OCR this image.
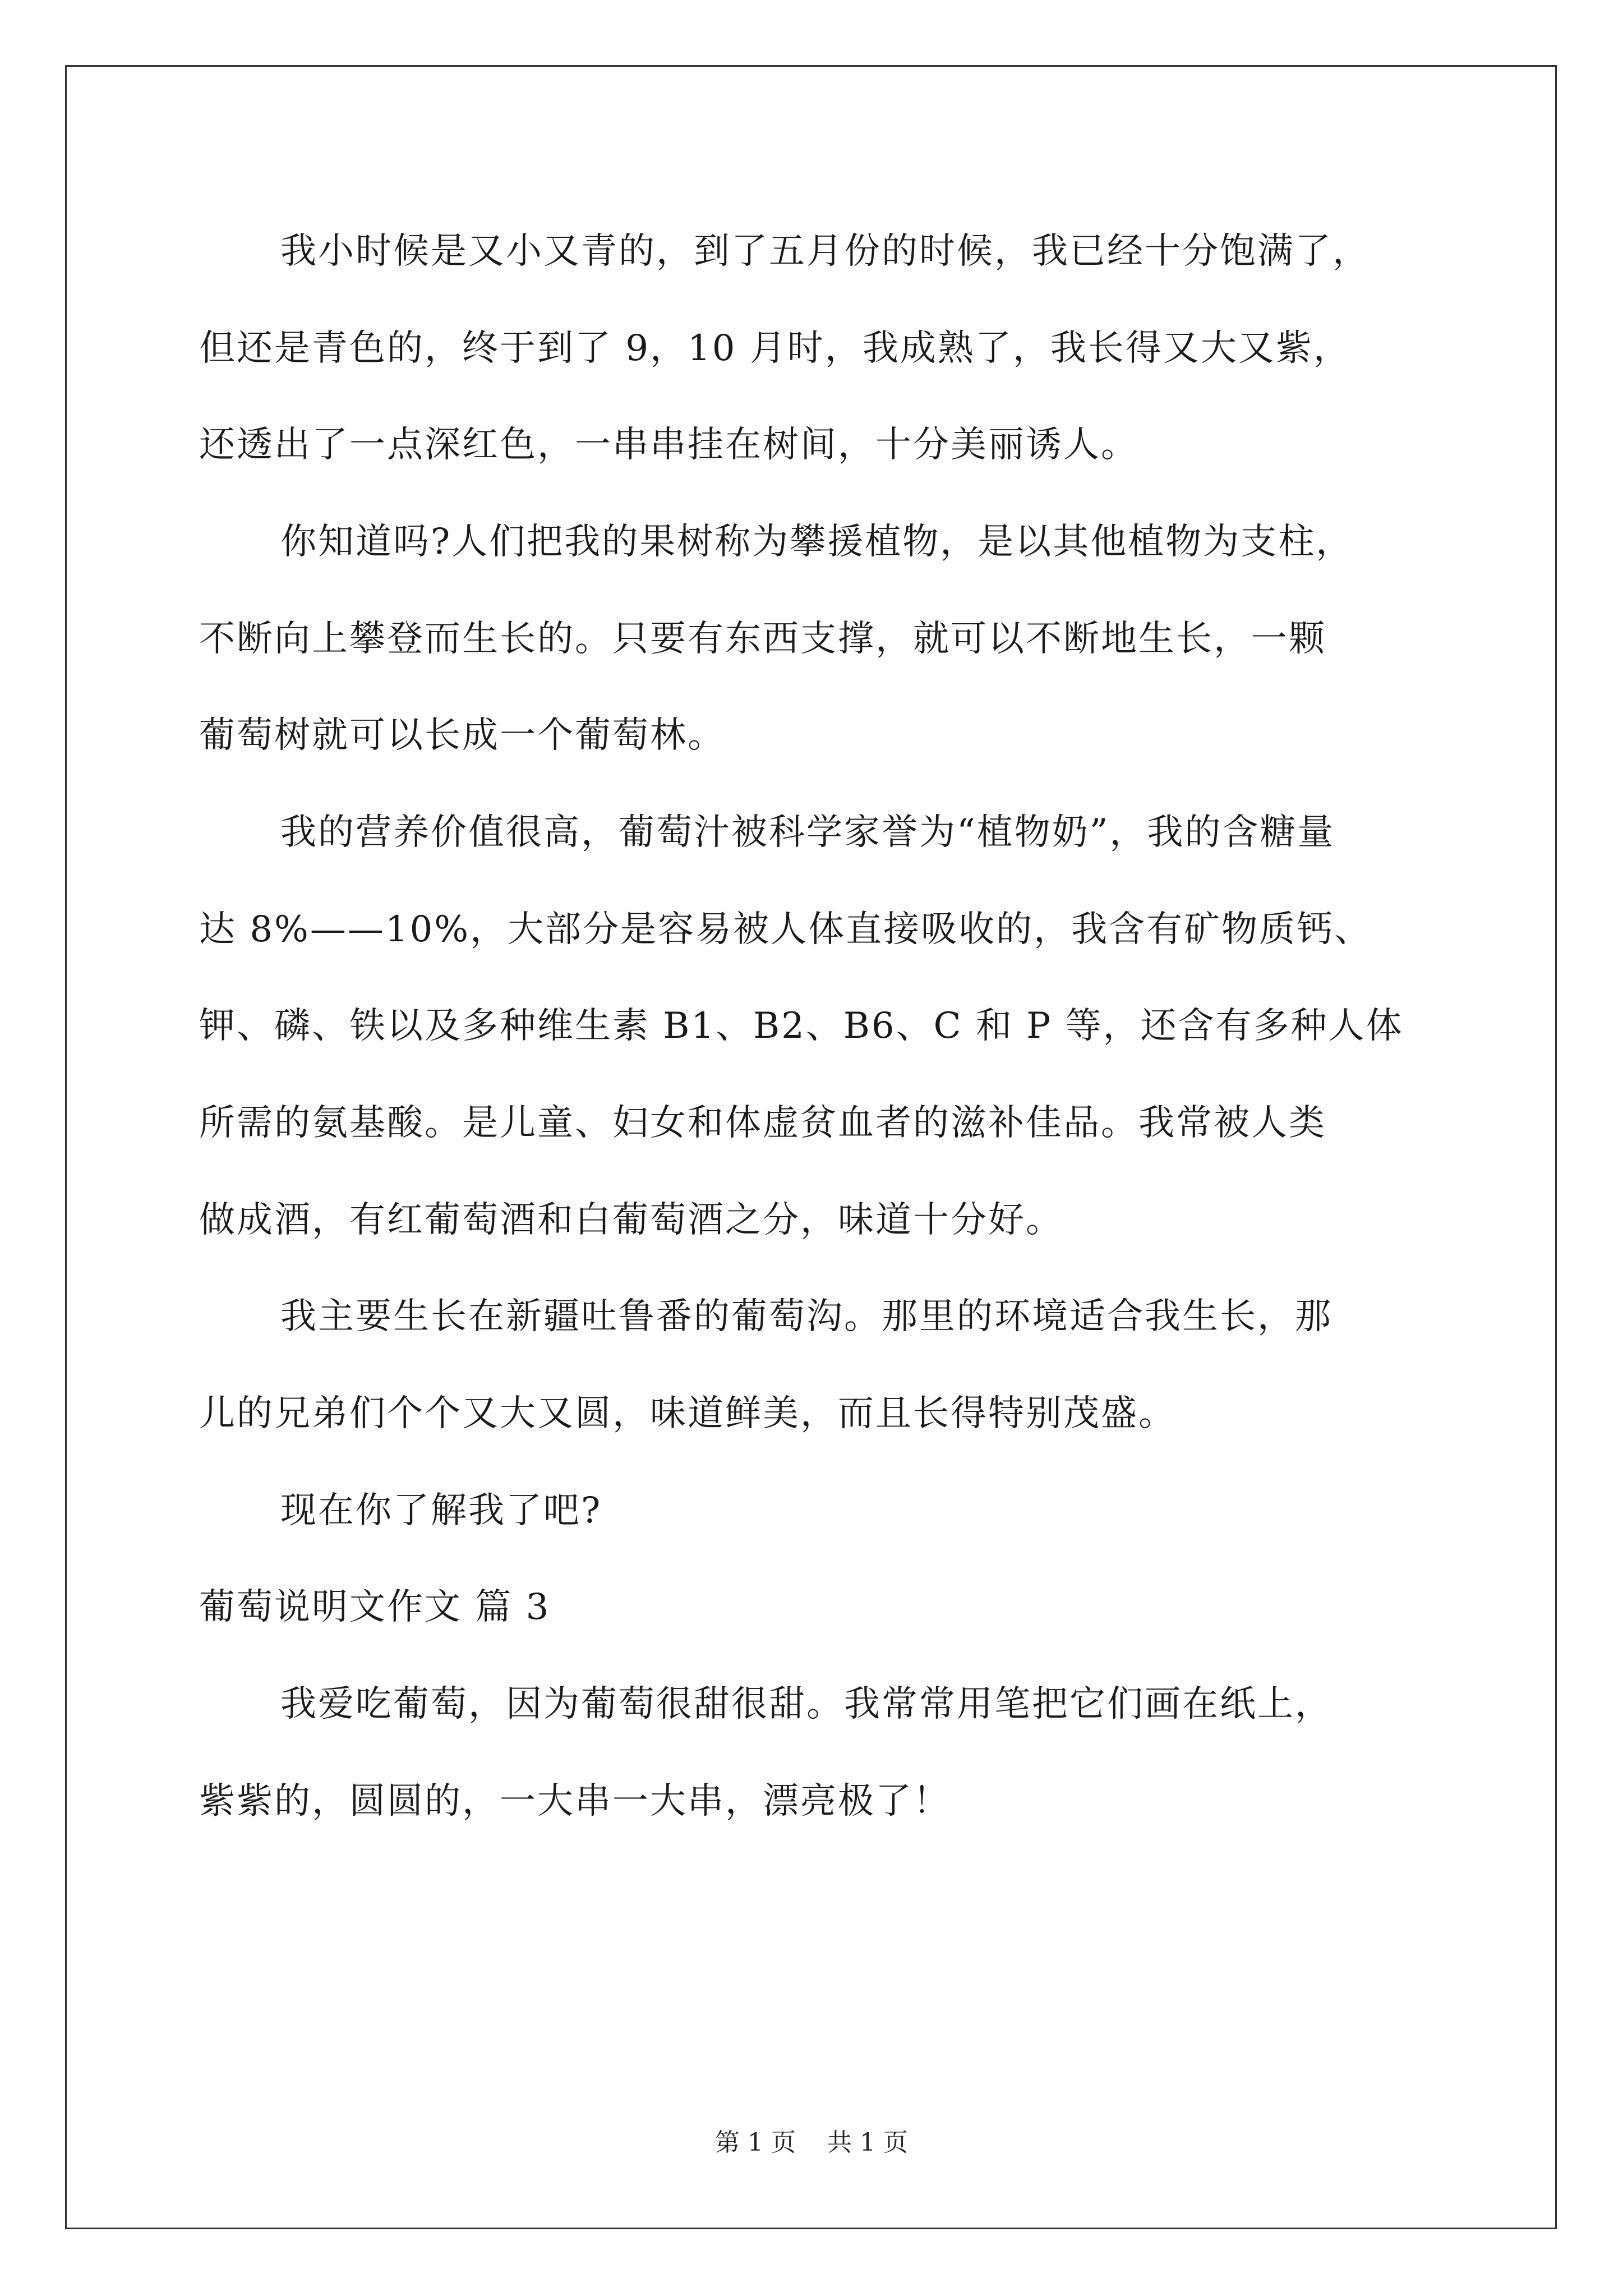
我小时候是又小又青的，到了五月份的时候，我已经十分饱满了，
但还是青色的，终于到了 9，10 月时，我成熟了，我长得又大又紫，
还透出了一点深红色，一串串挂在树间，十分美丽诱人。
你知道吗?人们把我的果树称为攀援植物，是以其他植物为支柱，
不断向上攀登而生长的。只要有东西支撑，就可以不断地生长，一颗
葡萄树就可以长成一个葡萄林。
我的营养价值很高，葡萄汁被科学家誉为“植物奶”，我的含糖量
达 8%——10%，大部分是容易被人体直接吸收的，我含有矿物质钙、
钾、磷、铁以及多种维生素 B1、B2、B6、C 和 P 等，还含有多种人体
所需的氨基酸。是儿童、妇女和体虚贫血者的滋补佳品。我常被人类
做成酒，有红葡萄酒和白葡萄酒之分，味道十分好。
我主要生长在新疆吐鲁番的葡萄沟。那里的环境适合我生长，那
儿的兄弟们个个又大又圆，味道鲜美，而且长得特别茂盛。
现在你了解我了吧?
葡萄说明文作文 篇 3
我爱吃葡萄，因为葡萄很甜很甜。我常常用笔把它们画在纸上，
紫紫的，圆圆的，一大串一大串，漂亮极了！
第 1 页    共 1 页
